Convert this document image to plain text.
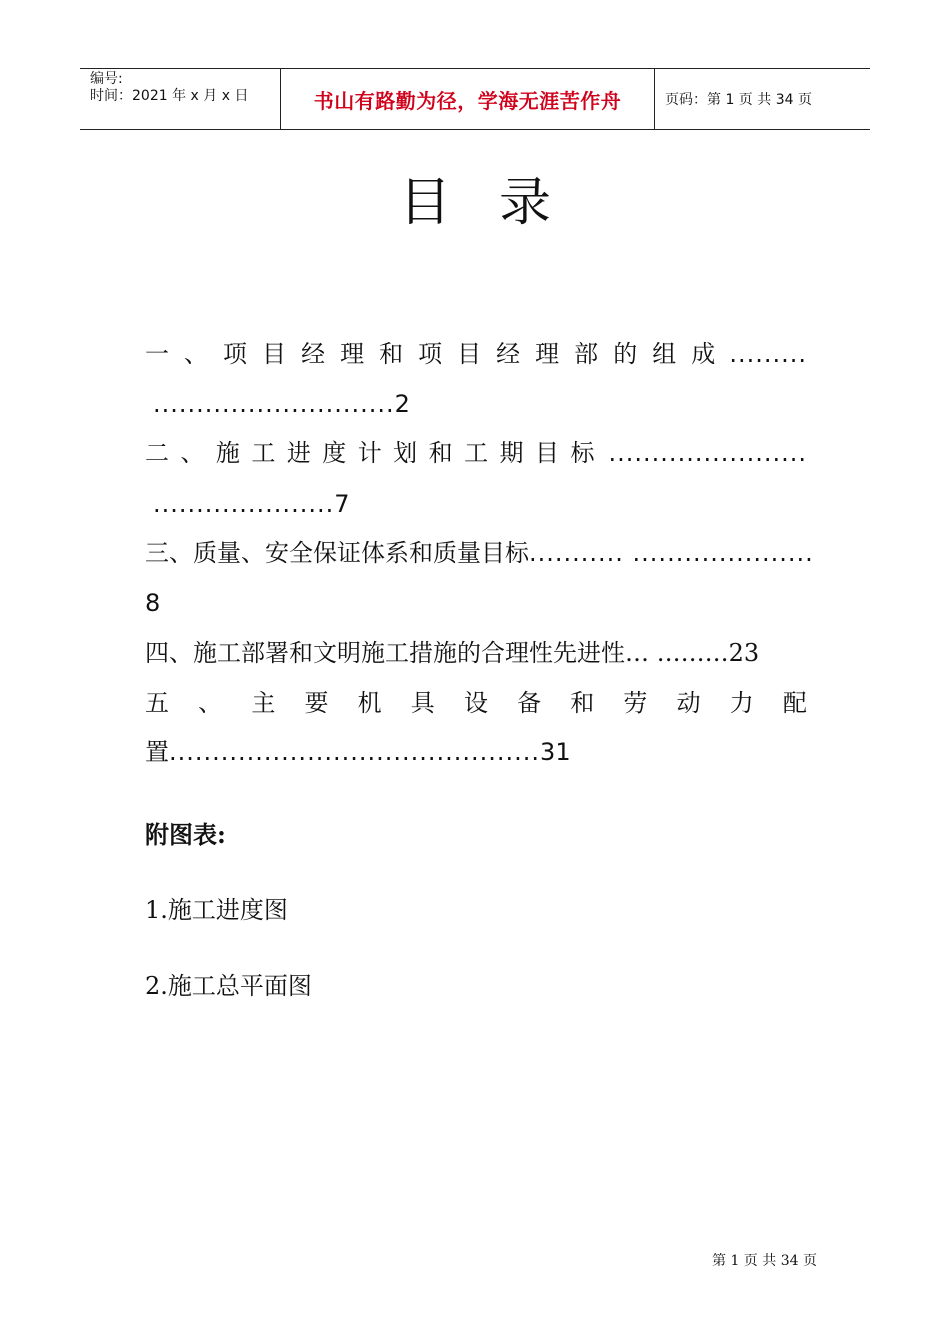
编号:
时间：2021 年 x 月 x 日	书山有路勤为径，学海无涯苦作舟	页码：第 1 页 共 34 页
目录
一 、 项 目 经 理 和 项 目 经 理 部 的 组 成 .........
............................2
二 、 施 工 进 度 计 划 和 工 期 目 标 .......................
.....................7
三、质量、安全保证体系和质量目标........... .....................
8
四、施工部署和文明施工措施的合理性先进性… ………23
五 、 主 要 机 具 设 备 和 劳 动 力 配
置...........................................31
附图表:
1.施工进度图
2.施工总平面图
第 1 页 共 34 页
